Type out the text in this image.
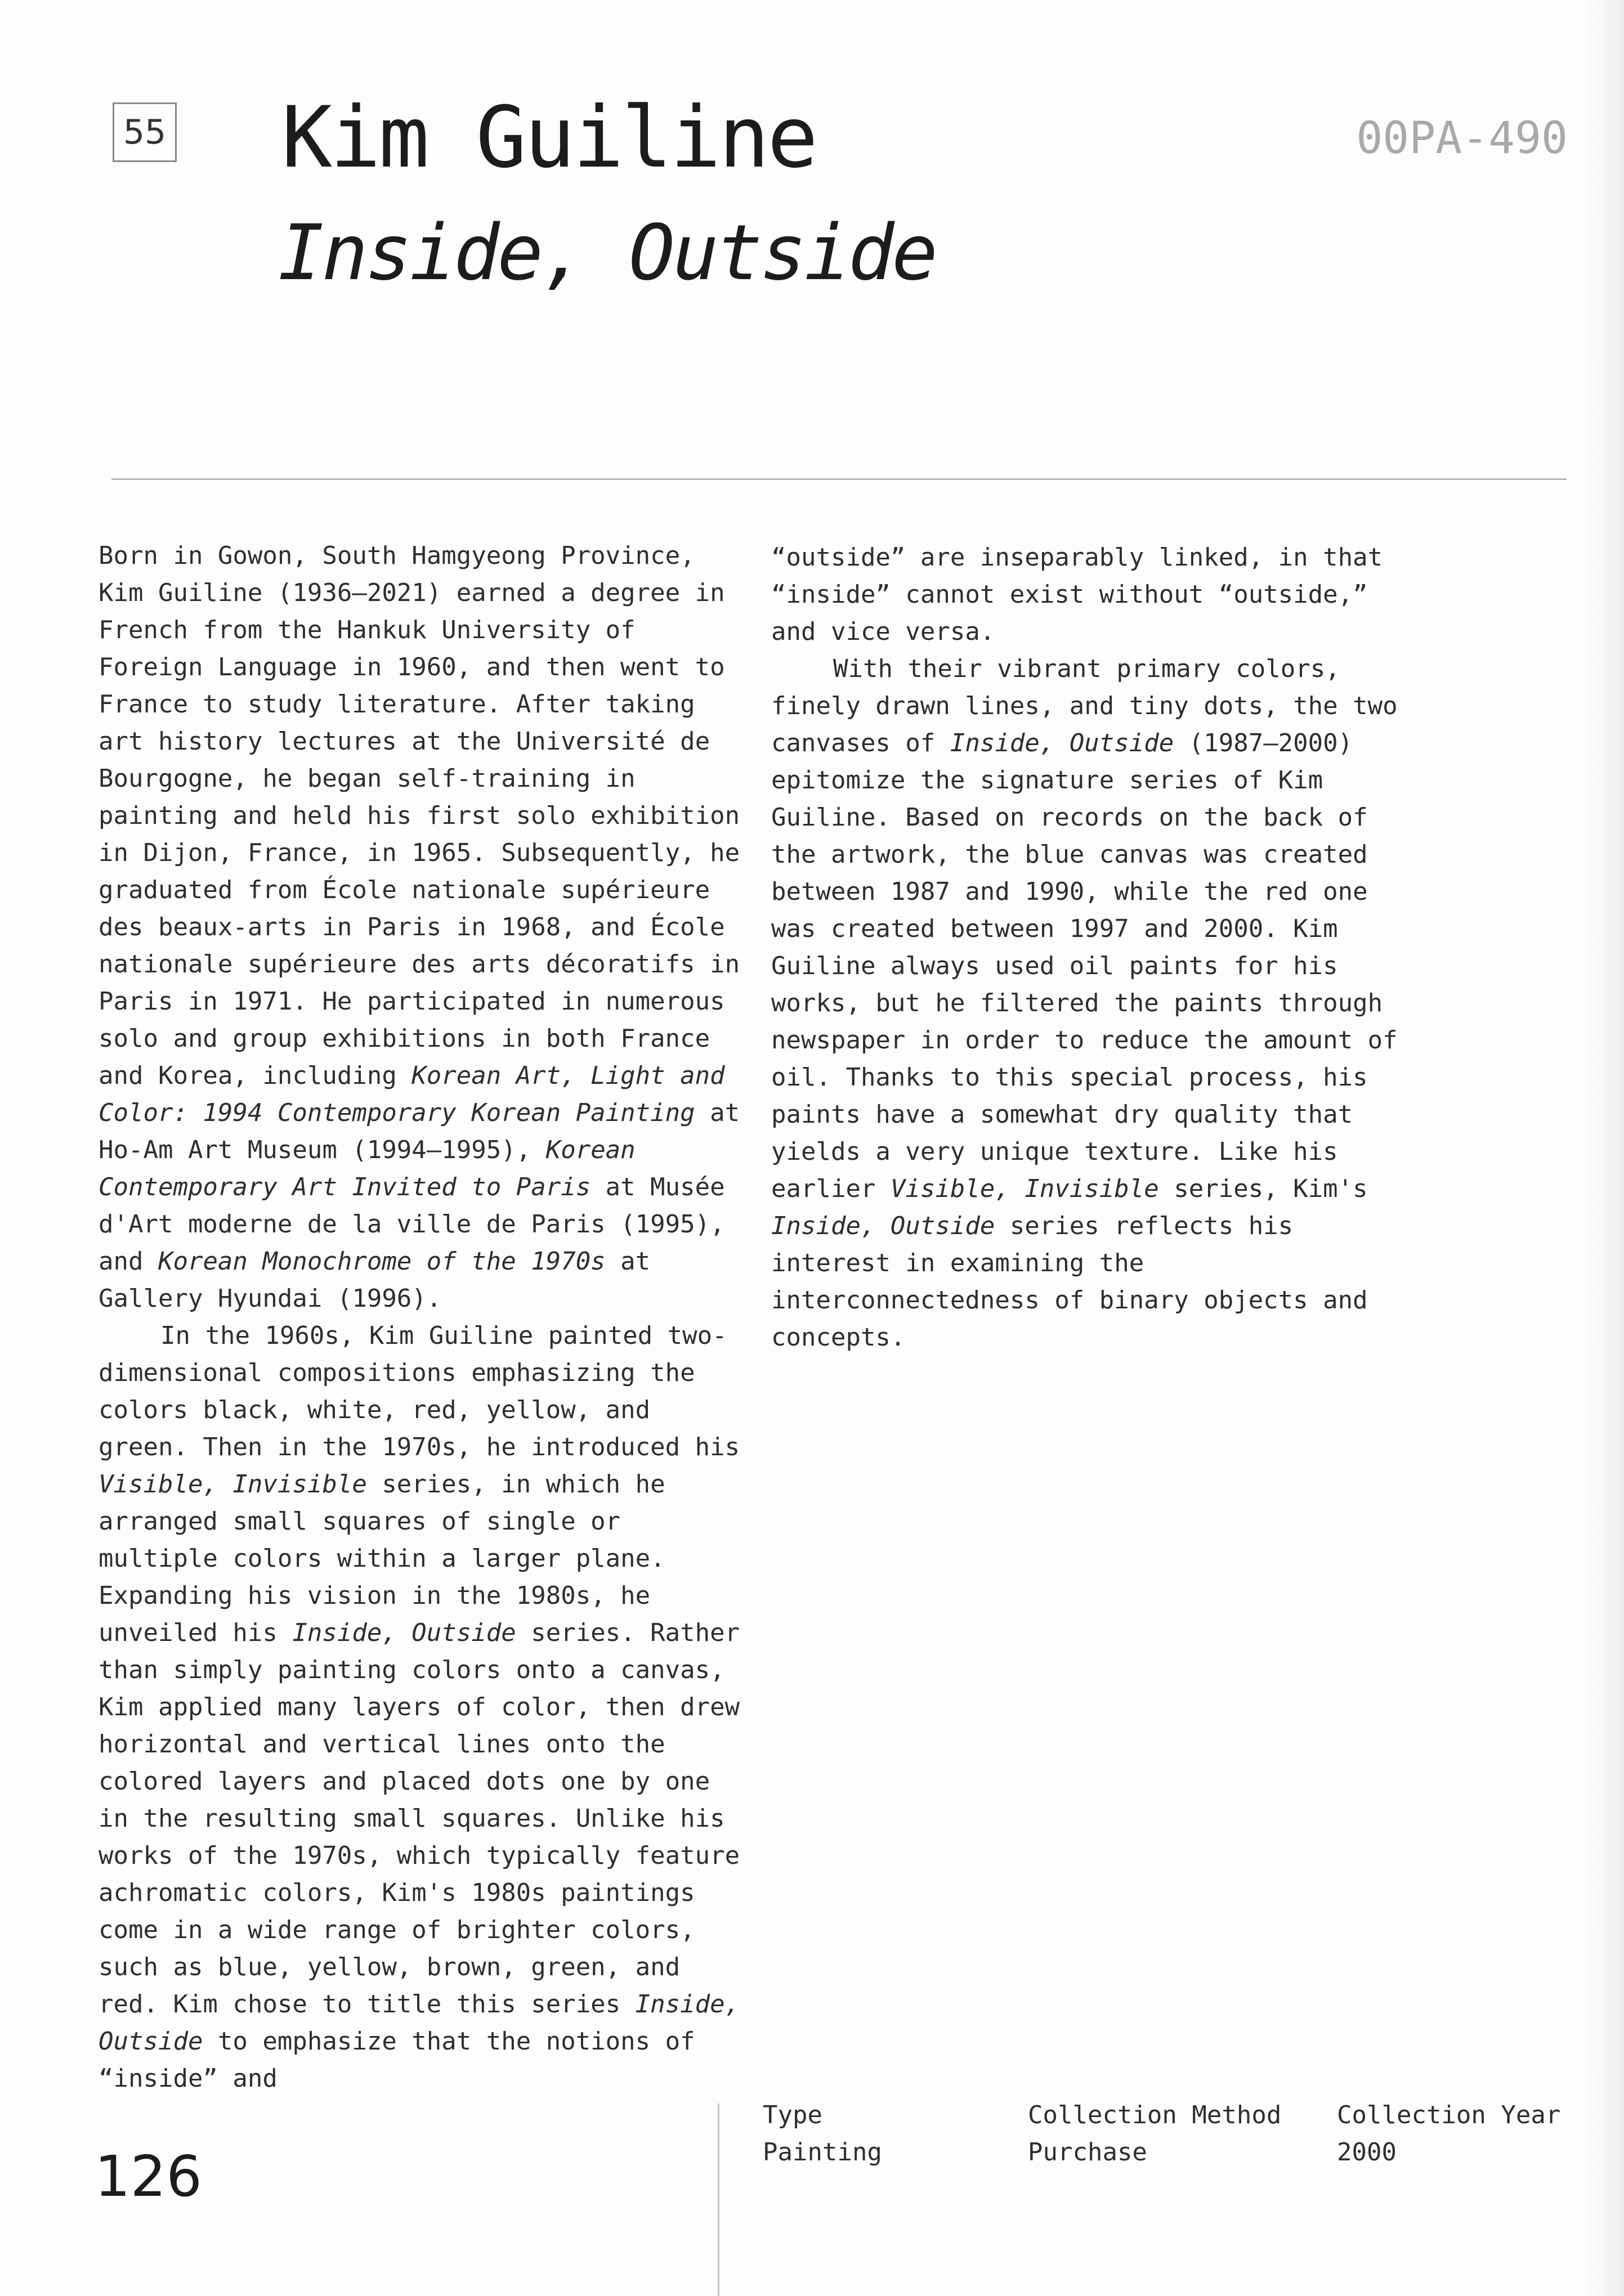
55 Kim Guiline
Inside, Outside
00PA-490

Born in Gowon, South Hamgyeong Province, Kim Guiline (1936–2021) earned a degree in French from the Hankuk University of Foreign Language in 1960, and then went to France to study literature. After taking art history lectures at the Université de Bourgogne, he began self-training in painting and held his first solo exhibition in Dijon, France, in 1965. Subsequently, he graduated from École nationale supérieure des beaux-arts in Paris in 1968, and École nationale supérieure des arts décoratifs in Paris in 1971. He participated in numerous solo and group exhibitions in both France and Korea, including Korean Art, Light and Color: 1994 Contemporary Korean Painting at Ho-Am Art Museum (1994–1995), Korean Contemporary Art Invited to Paris at Musée d'Art moderne de la ville de Paris (1995), and Korean Monochrome of the 1970s at Gallery Hyundai (1996).

In the 1960s, Kim Guiline painted two-dimensional compositions emphasizing the colors black, white, red, yellow, and green. Then in the 1970s, he introduced his Visible, Invisible series, in which he arranged small squares of single or multiple colors within a larger plane. Expanding his vision in the 1980s, he unveiled his Inside, Outside series. Rather than simply painting colors onto a canvas, Kim applied many layers of color, then drew horizontal and vertical lines onto the colored layers and placed dots one by one in the resulting small squares. Unlike his works of the 1970s, which typically feature achromatic colors, Kim's 1980s paintings come in a wide range of brighter colors, such as blue, yellow, brown, green, and red. Kim chose to title this series Inside, Outside to emphasize that the notions of “inside” and

“outside” are inseparably linked, in that “inside” cannot exist without “outside,” and vice versa.

With their vibrant primary colors, finely drawn lines, and tiny dots, the two canvases of Inside, Outside (1987–2000) epitomize the signature series of Kim Guiline. Based on records on the back of the artwork, the blue canvas was created between 1987 and 1990, while the red one was created between 1997 and 2000. Kim Guiline always used oil paints for his works, but he filtered the paints through newspaper in order to reduce the amount of oil. Thanks to this special process, his paints have a somewhat dry quality that yields a very unique texture. Like his earlier Visible, Invisible series, Kim's Inside, Outside series reflects his interest in examining the interconnectedness of binary objects and concepts.

126
Type
Painting
Collection Method
Purchase
Collection Year
2000
